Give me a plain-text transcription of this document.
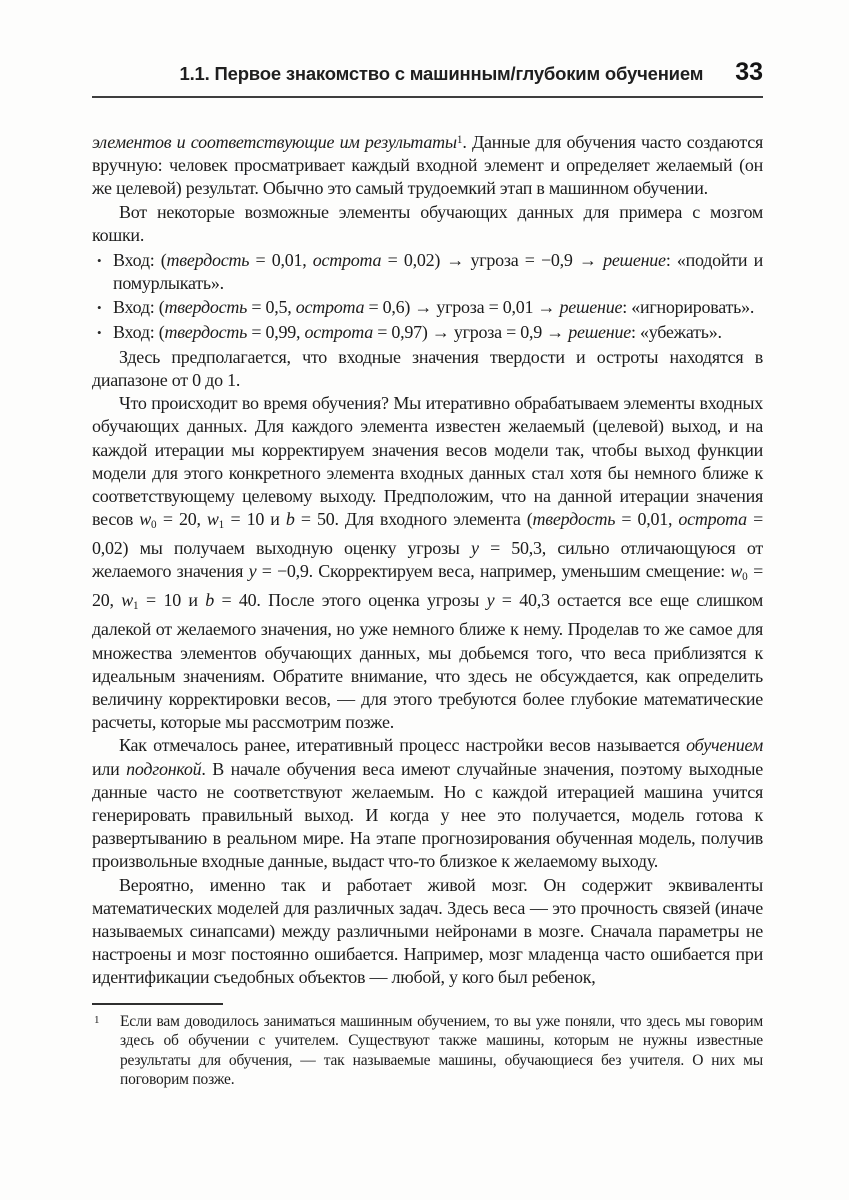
1.1. Первое знакомство с машинным/глубоким обучением 33

элементов и соответствующие им результаты$^1$. Данные для обучения часто создаются вручную: человек просматривает каждый входной элемент и определяет желаемый (он же целевой) результат. Обычно это самый трудоемкий этап в машинном обучении.

Вот некоторые возможные элементы обучающих данных для примера с мозгом кошки.

• Вход: (твердость = 0,01, острота = 0,02) → угроза = −0,9 → решение: «подойти и помурлыкать».
• Вход: (твердость = 0,5, острота = 0,6) → угроза = 0,01 → решение: «игнорировать».
• Вход: (твердость = 0,99, острота = 0,97) → угроза = 0,9 → решение: «убежать».

Здесь предполагается, что входные значения твердости и остроты находятся в диапазоне от 0 до 1.

Что происходит во время обучения? Мы итеративно обрабатываем элементы входных обучающих данных. Для каждого элемента известен желаемый (целевой) выход, и на каждой итерации мы корректируем значения весов модели так, чтобы выход функции модели для этого конкретного элемента входных данных стал хотя бы немного ближе к соответствующему целевому выходу. Предположим, что на данной итерации значения весов $w_0 = 20$, $w_1 = 10$ и b = 50. Для входного элемента (твердость = 0,01, острота = 0,02) мы получаем выходную оценку угрозы y = 50,3, сильно отличающуюся от желаемого значения y = −0,9. Скорректируем веса, например, уменьшим смещение: $w_0 = 20$, $w_1 = 10$ и b = 40. После этого оценка угрозы y = 40,3 остается все еще слишком далекой от желаемого значения, но уже немного ближе к нему. Проделав то же самое для множества элементов обучающих данных, мы добьемся того, что веса приблизятся к идеальным значениям. Обратите внимание, что здесь не обсуждается, как определить величину корректировки весов, — для этого требуются более глубокие математические расчеты, которые мы рассмотрим позже.

Как отмечалось ранее, итеративный процесс настройки весов называется обучением или подгонкой. В начале обучения веса имеют случайные значения, поэтому выходные данные часто не соответствуют желаемым. Но с каждой итерацией машина учится генерировать правильный выход. И когда у нее это получается, модель готова к развертыванию в реальном мире. На этапе прогнозирования обученная модель, получив произвольные входные данные, выдаст что-то близкое к желаемому выходу.

Вероятно, именно так и работает живой мозг. Он содержит эквиваленты математических моделей для различных задач. Здесь веса — это прочность связей (иначе называемых синапсами) между различными нейронами в мозге. Сначала параметры не настроены и мозг постоянно ошибается. Например, мозг младенца часто ошибается при идентификации съедобных объектов — любой, у кого был ребенок,

1 Если вам доводилось заниматься машинным обучением, то вы уже поняли, что здесь мы говорим здесь об обучении с учителем. Существуют также машины, которым не нужны известные результаты для обучения, — так называемые машины, обучающиеся без учителя. О них мы поговорим позже.
